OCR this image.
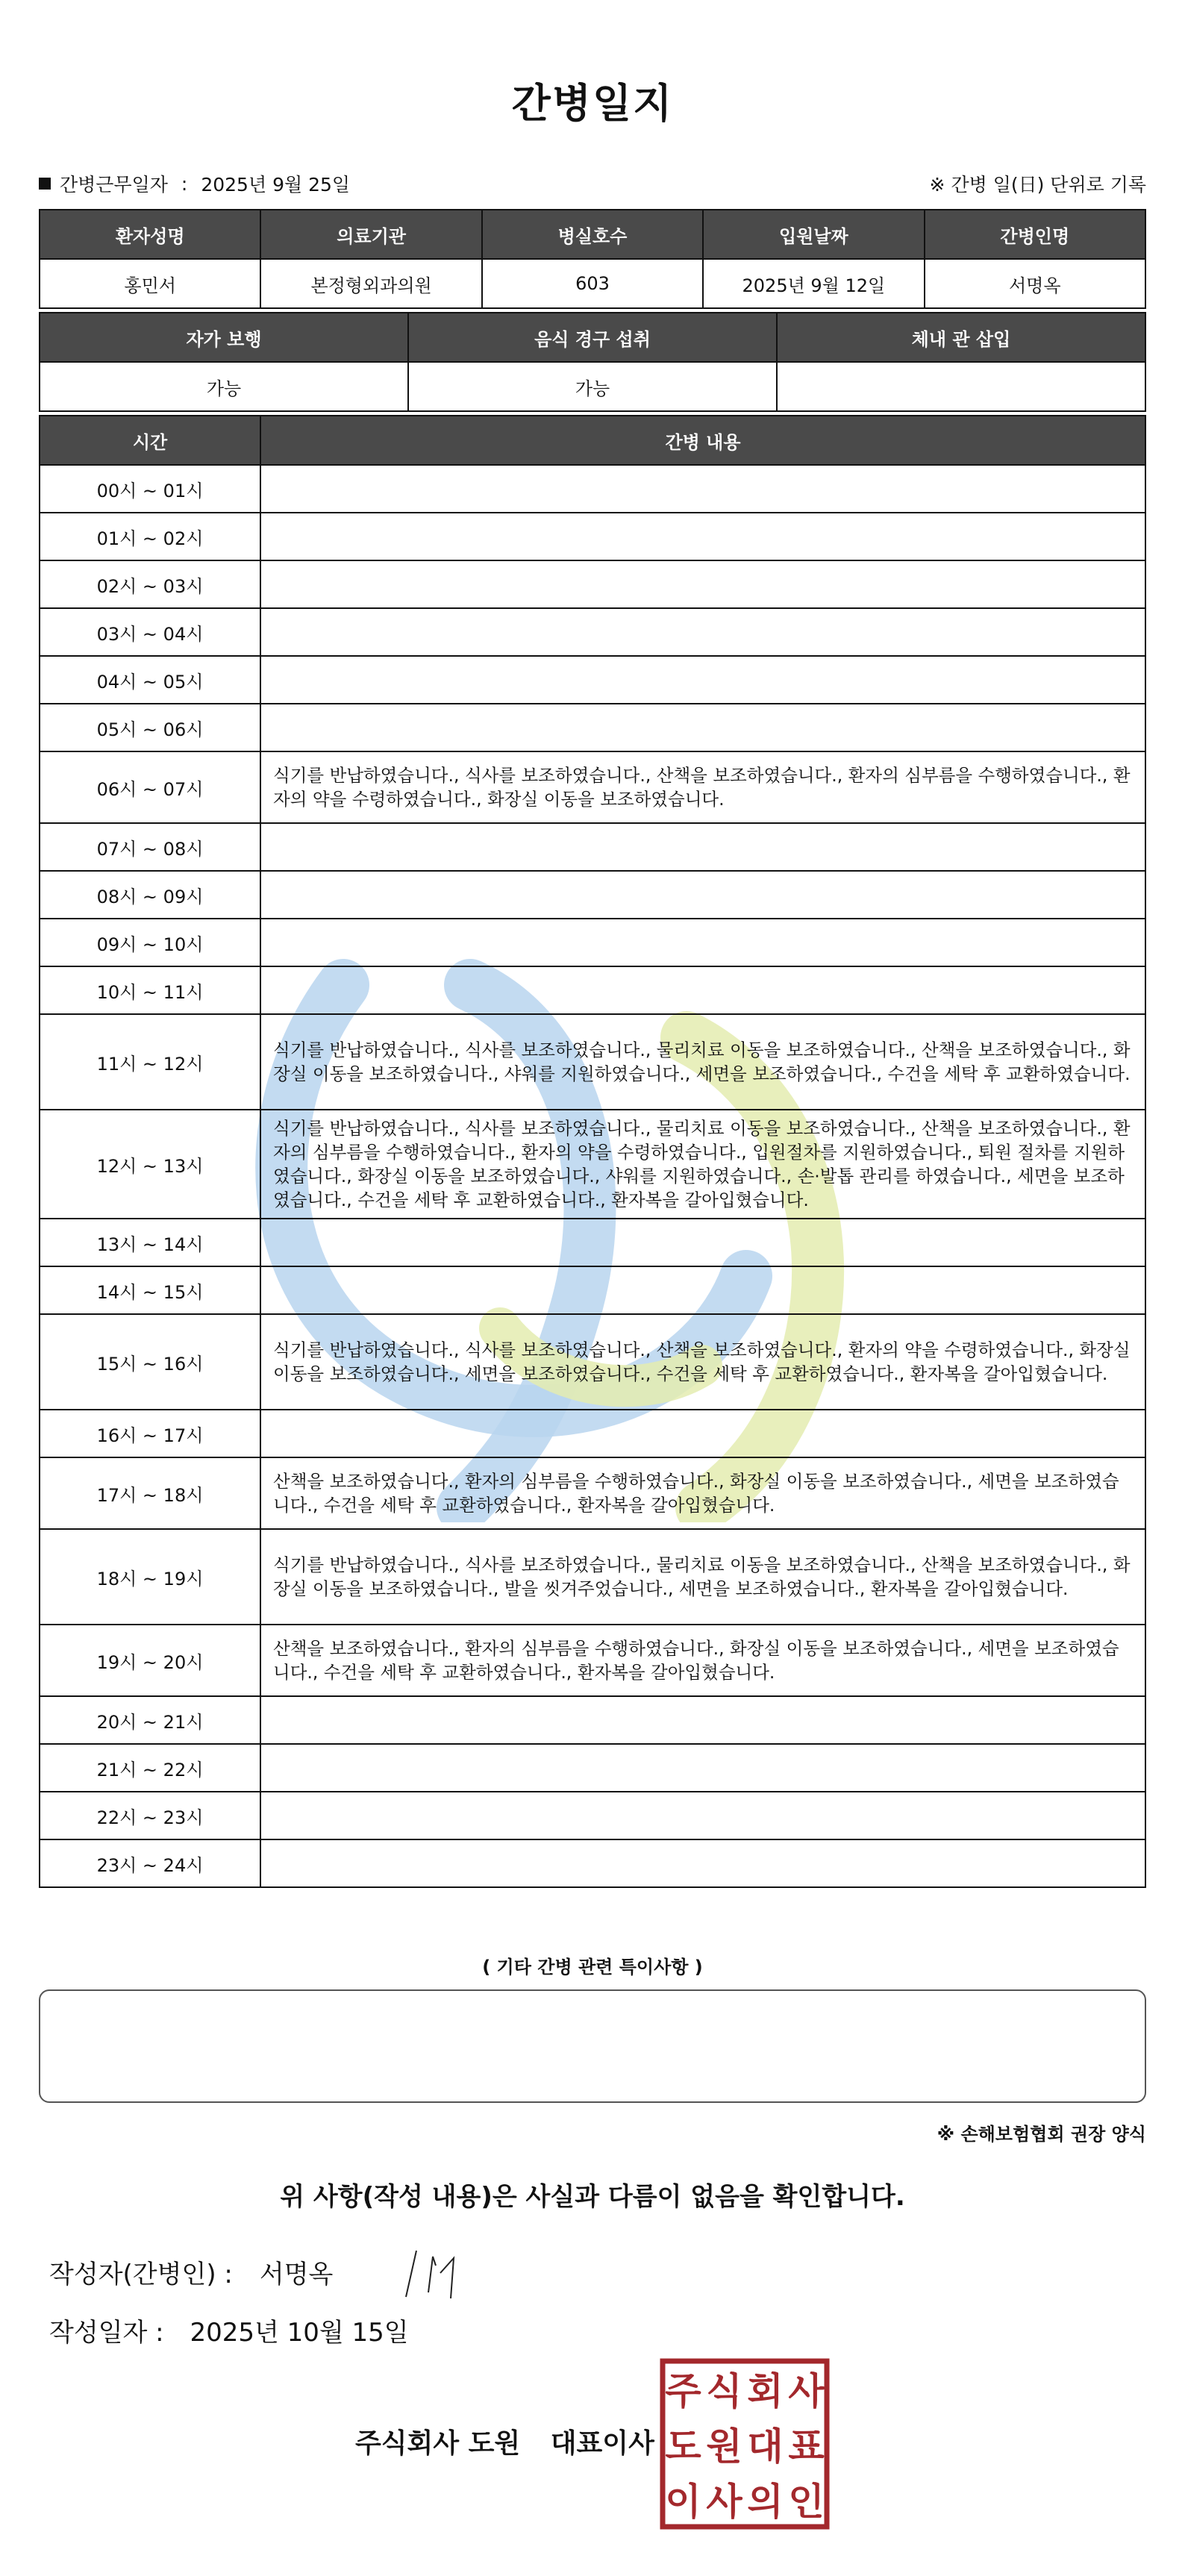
간병일지
간병근무일자 : 2025년 9월 25일	※ 간병 일(日) 단위로 기록
환자성명	의료기관	병실호수	입원날짜	간병인명
홍민서	본정형외과의원	603	2025년 9월 12일	서명옥
자가 보행	음식 경구 섭취	체내 관 삽입
가능	가능	
시간	간병 내용
00시 ~ 01시	
01시 ~ 02시	
02시 ~ 03시	
03시 ~ 04시	
04시 ~ 05시	
05시 ~ 06시	
06시 ~ 07시	식기를 반납하였습니다., 식사를 보조하였습니다., 산책을 보조하였습니다., 환자의 심부름을 수행하였습니다., 환자의 약을 수령하였습니다., 화장실 이동을 보조하였습니다.
07시 ~ 08시	
08시 ~ 09시	
09시 ~ 10시	
10시 ~ 11시	
11시 ~ 12시	식기를 반납하였습니다., 식사를 보조하였습니다., 물리치료 이동을 보조하였습니다., 산책을 보조하였습니다., 화장실 이동을 보조하였습니다., 샤워를 지원하였습니다., 세면을 보조하였습니다., 수건을 세탁 후 교환하였습니다.
12시 ~ 13시	식기를 반납하였습니다., 식사를 보조하였습니다., 물리치료 이동을 보조하였습니다., 산책을 보조하였습니다., 환자의 심부름을 수행하였습니다., 환자의 약을 수령하였습니다., 입원절차를 지원하였습니다., 퇴원 절차를 지원하였습니다., 화장실 이동을 보조하였습니다., 샤워를 지원하였습니다., 손·발톱 관리를 하였습니다., 세면을 보조하였습니다., 수건을 세탁 후 교환하였습니다., 환자복을 갈아입혔습니다.
13시 ~ 14시	
14시 ~ 15시	
15시 ~ 16시	식기를 반납하였습니다., 식사를 보조하였습니다., 산책을 보조하였습니다., 환자의 약을 수령하였습니다., 화장실 이동을 보조하였습니다., 세면을 보조하였습니다., 수건을 세탁 후 교환하였습니다., 환자복을 갈아입혔습니다.
16시 ~ 17시	
17시 ~ 18시	산책을 보조하였습니다., 환자의 심부름을 수행하였습니다., 화장실 이동을 보조하였습니다., 세면을 보조하였습니다., 수건을 세탁 후 교환하였습니다., 환자복을 갈아입혔습니다.
18시 ~ 19시	식기를 반납하였습니다., 식사를 보조하였습니다., 물리치료 이동을 보조하였습니다., 산책을 보조하였습니다., 화장실 이동을 보조하였습니다., 발을 씻겨주었습니다., 세면을 보조하였습니다., 환자복을 갈아입혔습니다.
19시 ~ 20시	산책을 보조하였습니다., 환자의 심부름을 수행하였습니다., 화장실 이동을 보조하였습니다., 세면을 보조하였습니다., 수건을 세탁 후 교환하였습니다., 환자복을 갈아입혔습니다.
20시 ~ 21시	
21시 ~ 22시	
22시 ~ 23시	
23시 ~ 24시	
( 기타 간병 관련 특이사항 )
※ 손해보험협회 권장 양식
위 사항(작성 내용)은 사실과 다름이 없음을 확인합니다.
작성자(간병인) : 서명옥
작성일자 : 2025년 10월 15일
주식회사 도원 대표이사
주 식 회 사
도 원 대 표
이 사 의 인
